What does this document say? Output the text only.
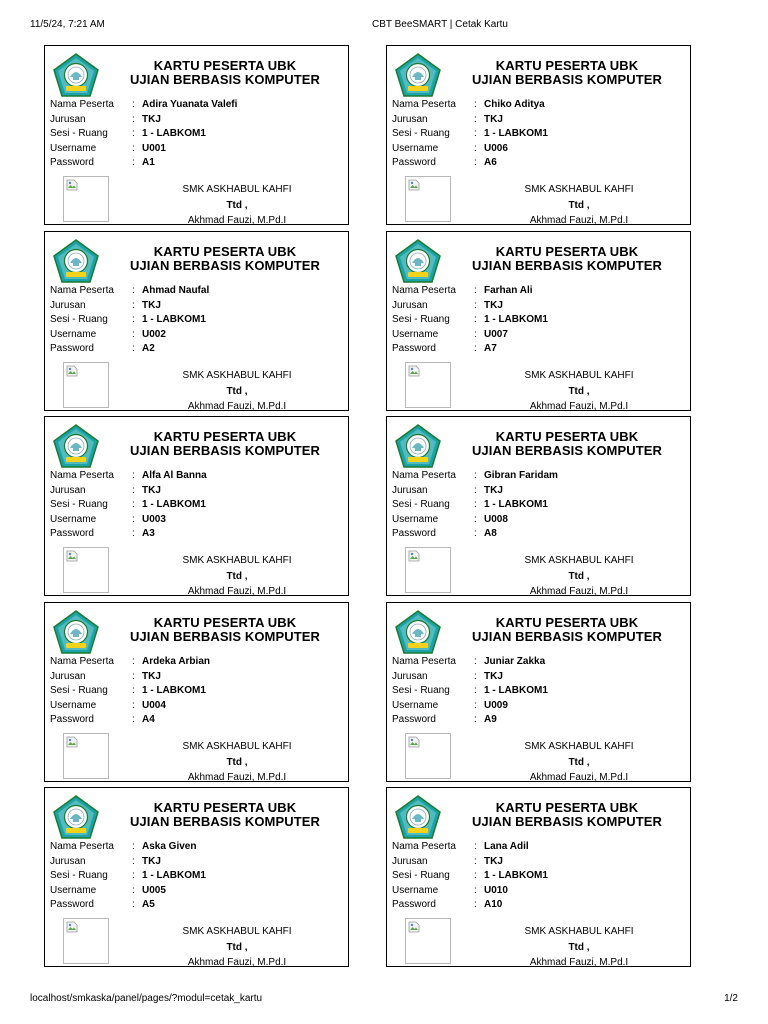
11/5/24, 7:21 AM	CBT BeeSMART | Cetak Kartu
KARTU PESERTA UBK
UJIAN BERBASIS KOMPUTER
Nama Peserta	: Adira Yuanata Valefi
Jurusan	: TKJ
Sesi - Ruang	: 1 - LABKOM1
Username	: U001
Password	: A1
SMK ASKHABUL KAHFI
Ttd ,
Akhmad Fauzi, M.Pd.I
KARTU PESERTA UBK
UJIAN BERBASIS KOMPUTER
Nama Peserta	: Chiko Aditya
Jurusan	: TKJ
Sesi - Ruang	: 1 - LABKOM1
Username	: U006
Password	: A6
SMK ASKHABUL KAHFI
Ttd ,
Akhmad Fauzi, M.Pd.I
KARTU PESERTA UBK
UJIAN BERBASIS KOMPUTER
Nama Peserta	: Ahmad Naufal
Jurusan	: TKJ
Sesi - Ruang	: 1 - LABKOM1
Username	: U002
Password	: A2
SMK ASKHABUL KAHFI
Ttd ,
Akhmad Fauzi, M.Pd.I
KARTU PESERTA UBK
UJIAN BERBASIS KOMPUTER
Nama Peserta	: Farhan Ali
Jurusan	: TKJ
Sesi - Ruang	: 1 - LABKOM1
Username	: U007
Password	: A7
SMK ASKHABUL KAHFI
Ttd ,
Akhmad Fauzi, M.Pd.I
KARTU PESERTA UBK
UJIAN BERBASIS KOMPUTER
Nama Peserta	: Alfa Al Banna
Jurusan	: TKJ
Sesi - Ruang	: 1 - LABKOM1
Username	: U003
Password	: A3
SMK ASKHABUL KAHFI
Ttd ,
Akhmad Fauzi, M.Pd.I
KARTU PESERTA UBK
UJIAN BERBASIS KOMPUTER
Nama Peserta	: Gibran Faridam
Jurusan	: TKJ
Sesi - Ruang	: 1 - LABKOM1
Username	: U008
Password	: A8
SMK ASKHABUL KAHFI
Ttd ,
Akhmad Fauzi, M.Pd.I
KARTU PESERTA UBK
UJIAN BERBASIS KOMPUTER
Nama Peserta	: Ardeka Arbian
Jurusan	: TKJ
Sesi - Ruang	: 1 - LABKOM1
Username	: U004
Password	: A4
SMK ASKHABUL KAHFI
Ttd ,
Akhmad Fauzi, M.Pd.I
KARTU PESERTA UBK
UJIAN BERBASIS KOMPUTER
Nama Peserta	: Juniar Zakka
Jurusan	: TKJ
Sesi - Ruang	: 1 - LABKOM1
Username	: U009
Password	: A9
SMK ASKHABUL KAHFI
Ttd ,
Akhmad Fauzi, M.Pd.I
KARTU PESERTA UBK
UJIAN BERBASIS KOMPUTER
Nama Peserta	: Aska Given
Jurusan	: TKJ
Sesi - Ruang	: 1 - LABKOM1
Username	: U005
Password	: A5
SMK ASKHABUL KAHFI
Ttd ,
Akhmad Fauzi, M.Pd.I
KARTU PESERTA UBK
UJIAN BERBASIS KOMPUTER
Nama Peserta	: Lana Adil
Jurusan	: TKJ
Sesi - Ruang	: 1 - LABKOM1
Username	: U010
Password	: A10
SMK ASKHABUL KAHFI
Ttd ,
Akhmad Fauzi, M.Pd.I
localhost/smkaska/panel/pages/?modul=cetak_kartu	1/2
